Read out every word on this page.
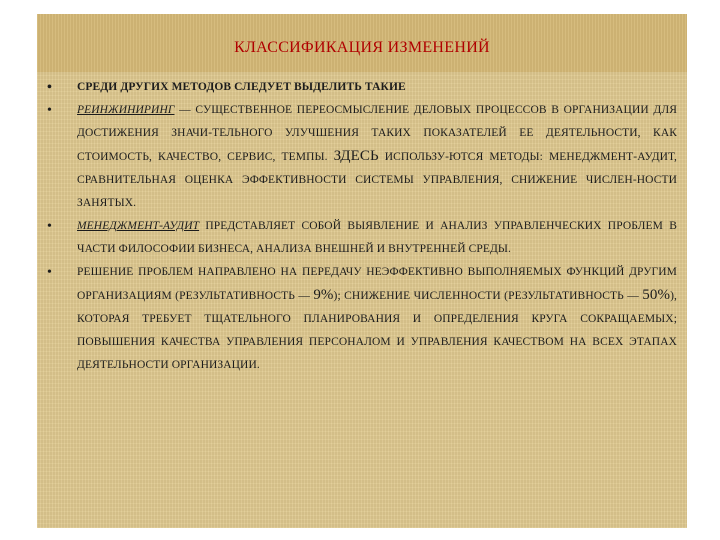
КЛАССИФИКАЦИЯ ИЗМЕНЕНИЙ
• СРЕДИ ДРУГИХ МЕТОДОВ СЛЕДУЕТ ВЫДЕЛИТЬ ТАКИЕ
• РЕИНЖИНИРИНГ — СУЩЕСТВЕННОЕ ПЕРЕОСМЫСЛЕНИЕ ДЕЛОВЫХ ПРОЦЕССОВ В ОРГАНИЗАЦИИ ДЛЯ ДОСТИЖЕНИЯ ЗНАЧИ-ТЕЛЬНОГО УЛУЧШЕНИЯ ТАКИХ ПОКАЗАТЕЛЕЙ ЕЕ ДЕЯТЕЛЬНОСТИ, КАК СТОИМОСТЬ, КАЧЕСТВО, СЕРВИС, ТЕМПЫ. ЗДЕСЬ ИСПОЛЬЗУ-ЮТСЯ МЕТОДЫ: МЕНЕДЖМЕНТ-АУДИТ, СРАВНИТЕЛЬНАЯ ОЦЕНКА ЭФФЕКТИВНОСТИ СИСТЕМЫ УПРАВЛЕНИЯ, СНИЖЕНИЕ ЧИСЛЕН-НОСТИ ЗАНЯТЫХ.
• МЕНЕДЖМЕНТ-АУДИТ ПРЕДСТАВЛЯЕТ СОБОЙ ВЫЯВЛЕНИЕ И АНАЛИЗ УПРАВЛЕНЧЕСКИХ ПРОБЛЕМ В ЧАСТИ ФИЛОСОФИИ БИЗНЕСА, АНАЛИЗА ВНЕШНЕЙ И ВНУТРЕННЕЙ СРЕДЫ.
• РЕШЕНИЕ ПРОБЛЕМ НАПРАВЛЕНО НА ПЕРЕДАЧУ НЕЭФФЕКТИВНО ВЫПОЛНЯЕМЫХ ФУНКЦИЙ ДРУГИМ ОРГАНИЗАЦИЯМ (РЕЗУЛЬТАТИВНОСТЬ — 9%); СНИЖЕНИЕ ЧИСЛЕННОСТИ (РЕЗУЛЬТАТИВНОСТЬ — 50%), КОТОРАЯ ТРЕБУЕТ ТЩАТЕЛЬНОГО ПЛАНИРОВАНИЯ И ОПРЕДЕЛЕНИЯ КРУГА СОКРАЩАЕМЫХ; ПОВЫШЕНИЯ КАЧЕСТВА УПРАВЛЕНИЯ ПЕРСОНАЛОМ И УПРАВЛЕНИЯ КАЧЕСТВОМ НА ВСЕХ ЭТАПАХ ДЕЯТЕЛЬНОСТИ ОРГАНИЗАЦИИ.
